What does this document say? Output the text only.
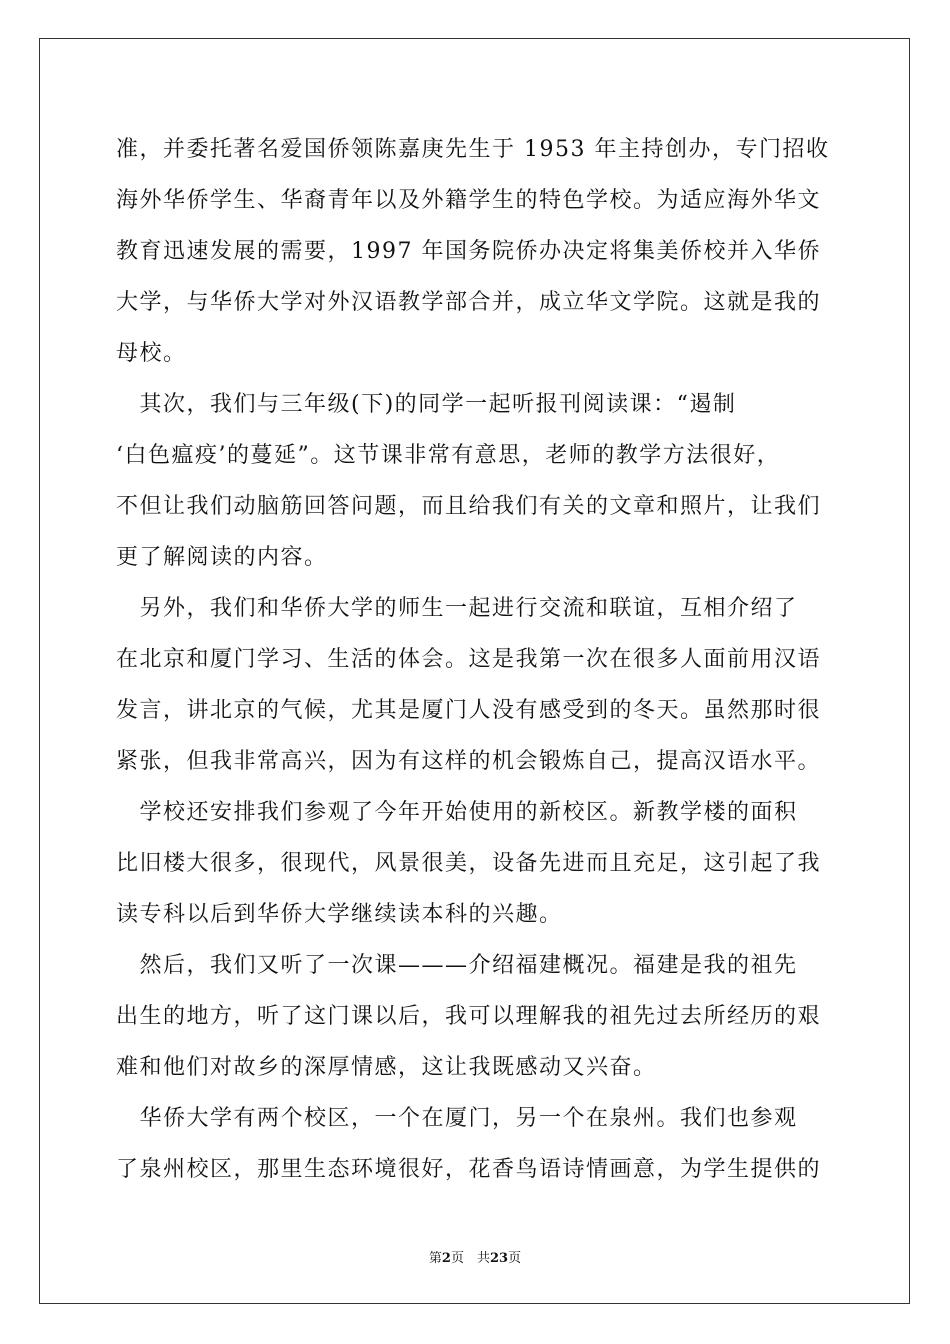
准，并委托著名爱国侨领陈嘉庚先生于 1953 年主持创办，专门招收
海外华侨学生、华裔青年以及外籍学生的特色学校。为适应海外华文
教育迅速发展的需要，1997 年国务院侨办决定将集美侨校并入华侨
大学，与华侨大学对外汉语教学部合并，成立华文学院。这就是我的
母校。

　其次，我们与三年级(下)的同学一起听报刊阅读课：“遏制
‘白色瘟疫’的蔓延”。这节课非常有意思，老师的教学方法很好，
不但让我们动脑筋回答问题，而且给我们有关的文章和照片，让我们
更了解阅读的内容。

　另外，我们和华侨大学的师生一起进行交流和联谊，互相介绍了
在北京和厦门学习、生活的体会。这是我第一次在很多人面前用汉语
发言，讲北京的气候，尤其是厦门人没有感受到的冬天。虽然那时很
紧张，但我非常高兴，因为有这样的机会锻炼自己，提高汉语水平。

　学校还安排我们参观了今年开始使用的新校区。新教学楼的面积
比旧楼大很多，很现代，风景很美，设备先进而且充足，这引起了我
读专科以后到华侨大学继续读本科的兴趣。

　然后，我们又听了一次课———介绍福建概况。福建是我的祖先
出生的地方，听了这门课以后，我可以理解我的祖先过去所经历的艰
难和他们对故乡的深厚情感，这让我既感动又兴奋。

　华侨大学有两个校区，一个在厦门，另一个在泉州。我们也参观
了泉州校区，那里生态环境很好，花香鸟语诗情画意，为学生提供的

第2页　共23页
